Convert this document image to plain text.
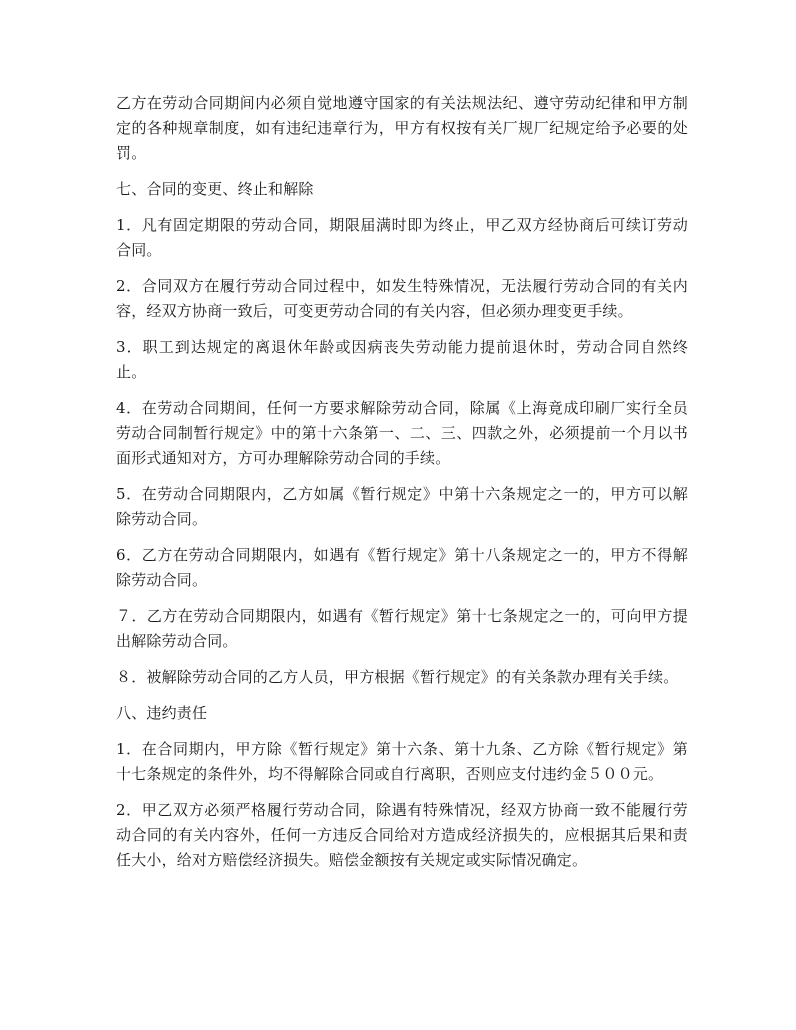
乙方在劳动合同期间内必须自觉地遵守国家的有关法规法纪、遵守劳动纪律和甲方制定的各种规章制度，如有违纪违章行为，甲方有权按有关厂规厂纪规定给予必要的处罚。

七、合同的变更、终止和解除

1．凡有固定期限的劳动合同，期限届满时即为终止，甲乙双方经协商后可续订劳动合同。

2．合同双方在履行劳动合同过程中，如发生特殊情况，无法履行劳动合同的有关内容，经双方协商一致后，可变更劳动合同的有关内容，但必须办理变更手续。

3．职工到达规定的离退休年龄或因病丧失劳动能力提前退休时，劳动合同自然终止。

4．在劳动合同期间，任何一方要求解除劳动合同，除属《上海竟成印刷厂实行全员劳动合同制暂行规定》中的第十六条第一、二、三、四款之外，必须提前一个月以书面形式通知对方，方可办理解除劳动合同的手续。

5．在劳动合同期限内，乙方如属《暂行规定》中第十六条规定之一的，甲方可以解除劳动合同。

6．乙方在劳动合同期限内，如遇有《暂行规定》第十八条规定之一的，甲方不得解除劳动合同。

７．乙方在劳动合同期限内，如遇有《暂行规定》第十七条规定之一的，可向甲方提出解除劳动合同。

８．被解除劳动合同的乙方人员，甲方根据《暂行规定》的有关条款办理有关手续。

八、违约责任

1．在合同期内，甲方除《暂行规定》第十六条、第十九条、乙方除《暂行规定》第十七条规定的条件外，均不得解除合同或自行离职，否则应支付违约金５００元。

2．甲乙双方必须严格履行劳动合同，除遇有特殊情况，经双方协商一致不能履行劳动合同的有关内容外，任何一方违反合同给对方造成经济损失的，应根据其后果和责任大小，给对方赔偿经济损失。赔偿金额按有关规定或实际情况确定。
